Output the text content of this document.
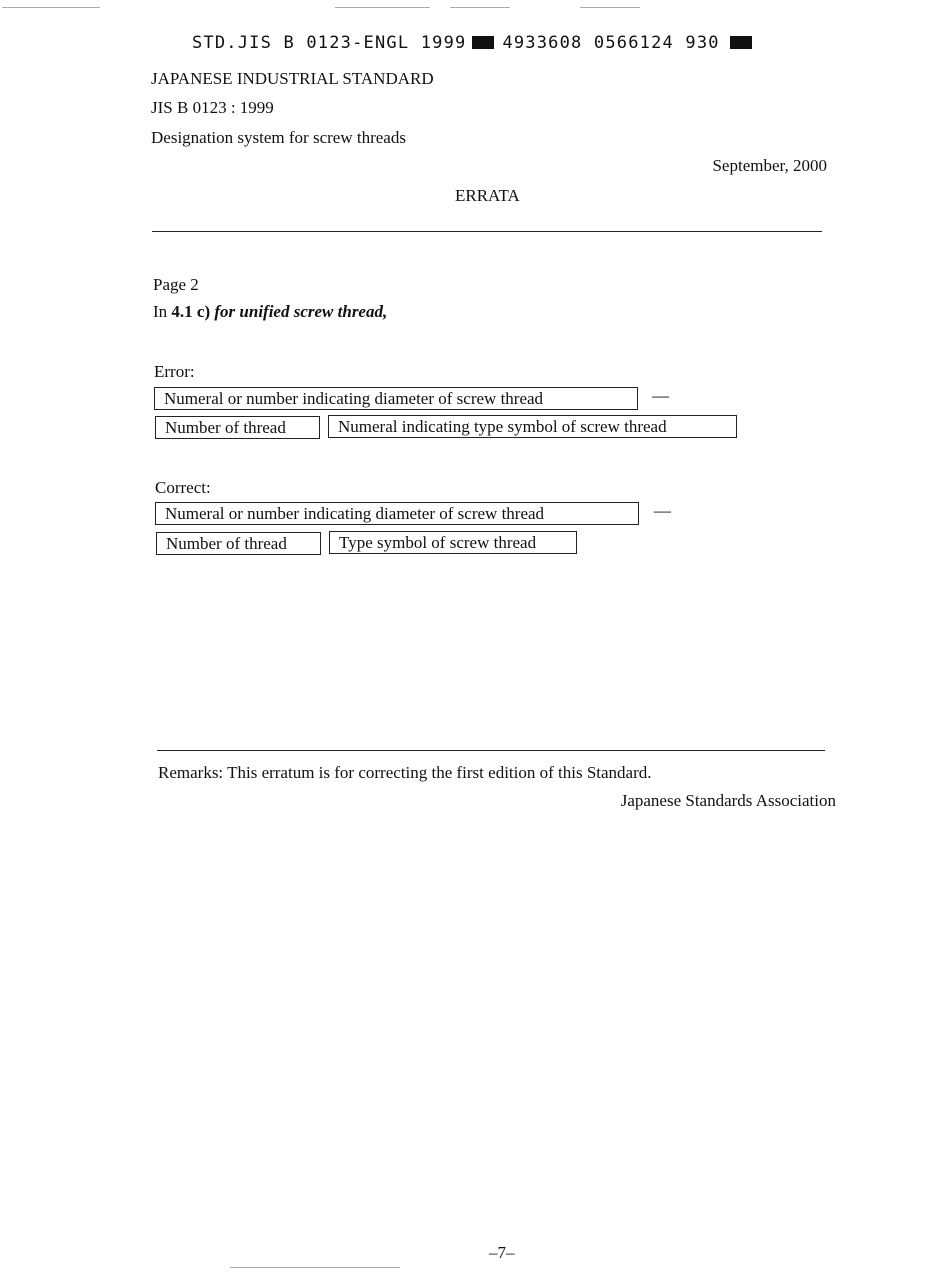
STD.JIS B 0123-ENGL 1999 4933608 0566124 930
JAPANESE INDUSTRIAL STANDARD
JIS B 0123 : 1999
Designation system for screw threads
September, 2000
ERRATA
Page 2
In 4.1 c) for unified screw thread,
Error:
Numeral or number indicating diameter of screw thread	—
Number of thread	Numeral indicating type symbol of screw thread
Correct:
Numeral or number indicating diameter of screw thread	—
Number of thread	Type symbol of screw thread
Remarks: This erratum is for correcting the first edition of this Standard.
Japanese Standards Association
–7–
